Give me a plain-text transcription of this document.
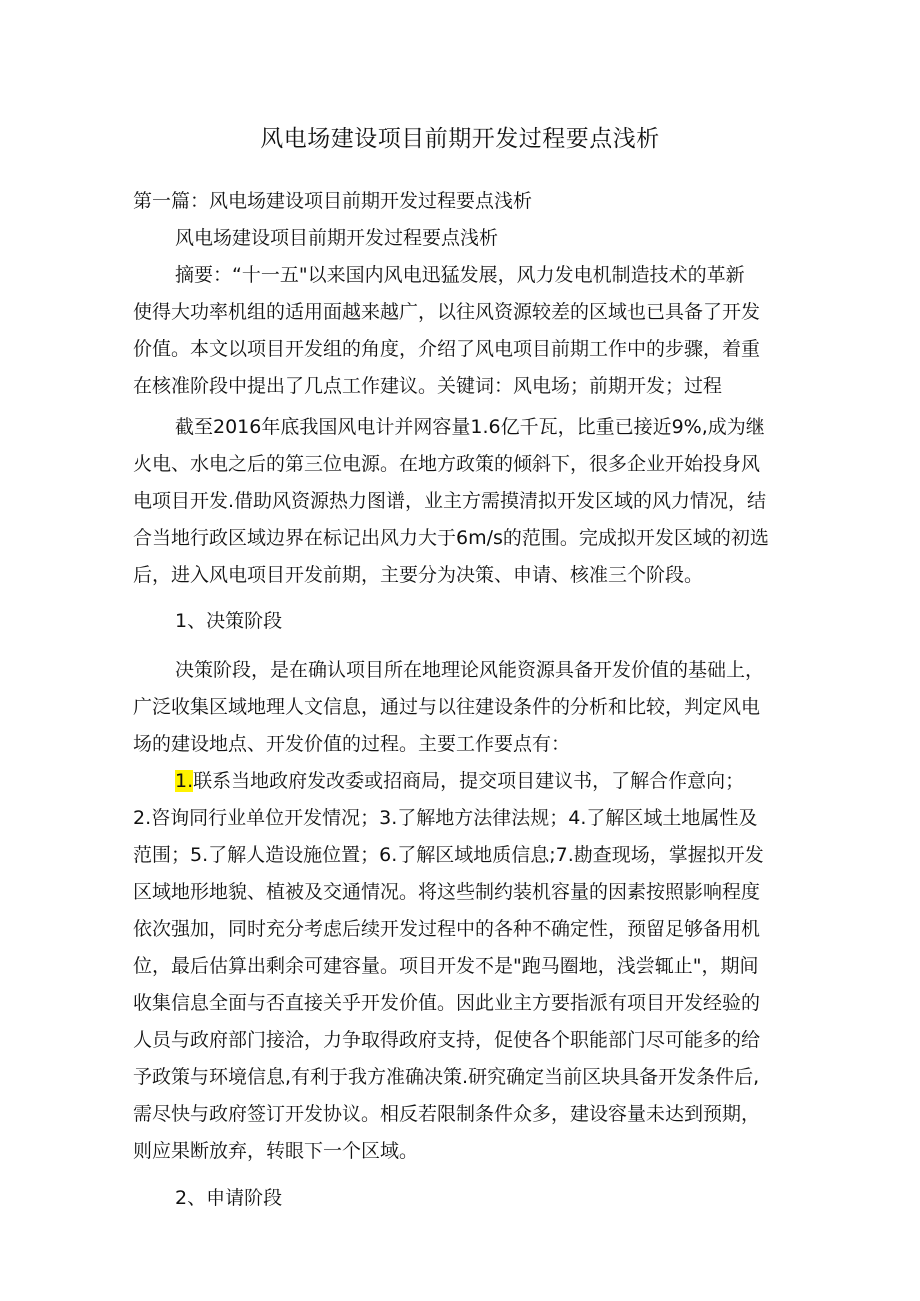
风电场建设项目前期开发过程要点浅析
第一篇：风电场建设项目前期开发过程要点浅析
风电场建设项目前期开发过程要点浅析
摘要：“十一五"以来国内风电迅猛发展，风力发电机制造技术的革新
使得大功率机组的适用面越来越广，以往风资源较差的区域也已具备了开发
价值。本文以项目开发组的角度，介绍了风电项目前期工作中的步骤，着重
在核准阶段中提出了几点工作建议。关键词：风电场；前期开发；过程
截至2016年底我国风电计并网容量1.6亿千瓦，比重已接近9%,成为继
火电、水电之后的第三位电源。在地方政策的倾斜下，很多企业开始投身风
电项目开发.借助风资源热力图谱，业主方需摸清拟开发区域的风力情况，结
合当地行政区域边界在标记出风力大于6m∕s的范围。完成拟开发区域的初选
后，进入风电项目开发前期，主要分为决策、申请、核准三个阶段。
1、决策阶段
决策阶段，是在确认项目所在地理论风能资源具备开发价值的基础上，
广泛收集区域地理人文信息，通过与以往建设条件的分析和比较，判定风电
场的建设地点、开发价值的过程。主要工作要点有：
1.联系当地政府发改委或招商局，提交项目建议书，了解合作意向；
2.咨询同行业单位开发情况；3.了解地方法律法规；4.了解区域土地属性及
范围；5.了解人造设施位置；6.了解区域地质信息;7.勘查现场，掌握拟开发
区域地形地貌、植被及交通情况。将这些制约装机容量的因素按照影响程度
依次强加，同时充分考虑后续开发过程中的各种不确定性，预留足够备用机
位，最后估算出剩余可建容量。项目开发不是"跑马圈地，浅尝辄止"，期间
收集信息全面与否直接关乎开发价值。因此业主方要指派有项目开发经验的
人员与政府部门接洽，力争取得政府支持，促使各个职能部门尽可能多的给
予政策与环境信息,有利于我方准确决策.研究确定当前区块具备开发条件后,
需尽快与政府签订开发协议。相反若限制条件众多，建设容量未达到预期，
则应果断放弃，转眼下一个区域。
2、申请阶段
